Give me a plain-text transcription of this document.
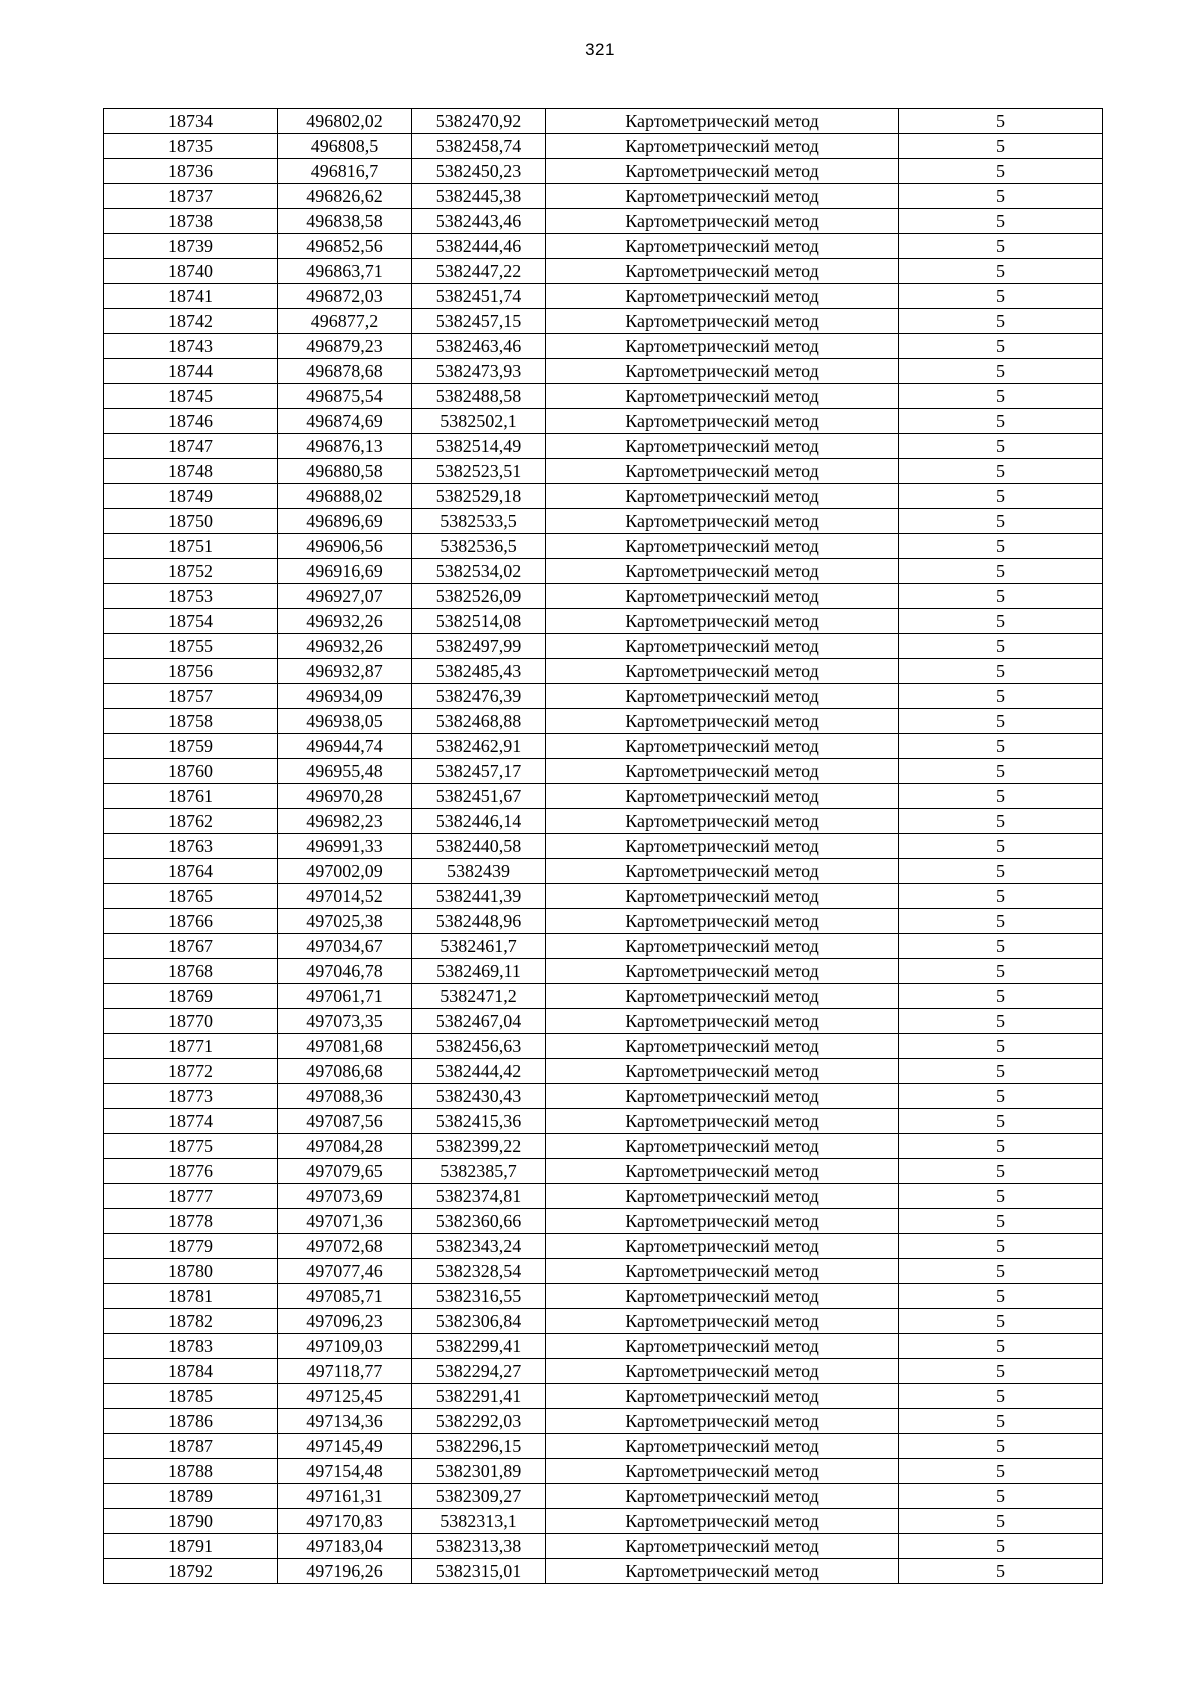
321
18734	496802,02	5382470,92	Картометрический метод	5
18735	496808,5	5382458,74	Картометрический метод	5
18736	496816,7	5382450,23	Картометрический метод	5
18737	496826,62	5382445,38	Картометрический метод	5
18738	496838,58	5382443,46	Картометрический метод	5
18739	496852,56	5382444,46	Картометрический метод	5
18740	496863,71	5382447,22	Картометрический метод	5
18741	496872,03	5382451,74	Картометрический метод	5
18742	496877,2	5382457,15	Картометрический метод	5
18743	496879,23	5382463,46	Картометрический метод	5
18744	496878,68	5382473,93	Картометрический метод	5
18745	496875,54	5382488,58	Картометрический метод	5
18746	496874,69	5382502,1	Картометрический метод	5
18747	496876,13	5382514,49	Картометрический метод	5
18748	496880,58	5382523,51	Картометрический метод	5
18749	496888,02	5382529,18	Картометрический метод	5
18750	496896,69	5382533,5	Картометрический метод	5
18751	496906,56	5382536,5	Картометрический метод	5
18752	496916,69	5382534,02	Картометрический метод	5
18753	496927,07	5382526,09	Картометрический метод	5
18754	496932,26	5382514,08	Картометрический метод	5
18755	496932,26	5382497,99	Картометрический метод	5
18756	496932,87	5382485,43	Картометрический метод	5
18757	496934,09	5382476,39	Картометрический метод	5
18758	496938,05	5382468,88	Картометрический метод	5
18759	496944,74	5382462,91	Картометрический метод	5
18760	496955,48	5382457,17	Картометрический метод	5
18761	496970,28	5382451,67	Картометрический метод	5
18762	496982,23	5382446,14	Картометрический метод	5
18763	496991,33	5382440,58	Картометрический метод	5
18764	497002,09	5382439	Картометрический метод	5
18765	497014,52	5382441,39	Картометрический метод	5
18766	497025,38	5382448,96	Картометрический метод	5
18767	497034,67	5382461,7	Картометрический метод	5
18768	497046,78	5382469,11	Картометрический метод	5
18769	497061,71	5382471,2	Картометрический метод	5
18770	497073,35	5382467,04	Картометрический метод	5
18771	497081,68	5382456,63	Картометрический метод	5
18772	497086,68	5382444,42	Картометрический метод	5
18773	497088,36	5382430,43	Картометрический метод	5
18774	497087,56	5382415,36	Картометрический метод	5
18775	497084,28	5382399,22	Картометрический метод	5
18776	497079,65	5382385,7	Картометрический метод	5
18777	497073,69	5382374,81	Картометрический метод	5
18778	497071,36	5382360,66	Картометрический метод	5
18779	497072,68	5382343,24	Картометрический метод	5
18780	497077,46	5382328,54	Картометрический метод	5
18781	497085,71	5382316,55	Картометрический метод	5
18782	497096,23	5382306,84	Картометрический метод	5
18783	497109,03	5382299,41	Картометрический метод	5
18784	497118,77	5382294,27	Картометрический метод	5
18785	497125,45	5382291,41	Картометрический метод	5
18786	497134,36	5382292,03	Картометрический метод	5
18787	497145,49	5382296,15	Картометрический метод	5
18788	497154,48	5382301,89	Картометрический метод	5
18789	497161,31	5382309,27	Картометрический метод	5
18790	497170,83	5382313,1	Картометрический метод	5
18791	497183,04	5382313,38	Картометрический метод	5
18792	497196,26	5382315,01	Картометрический метод	5
